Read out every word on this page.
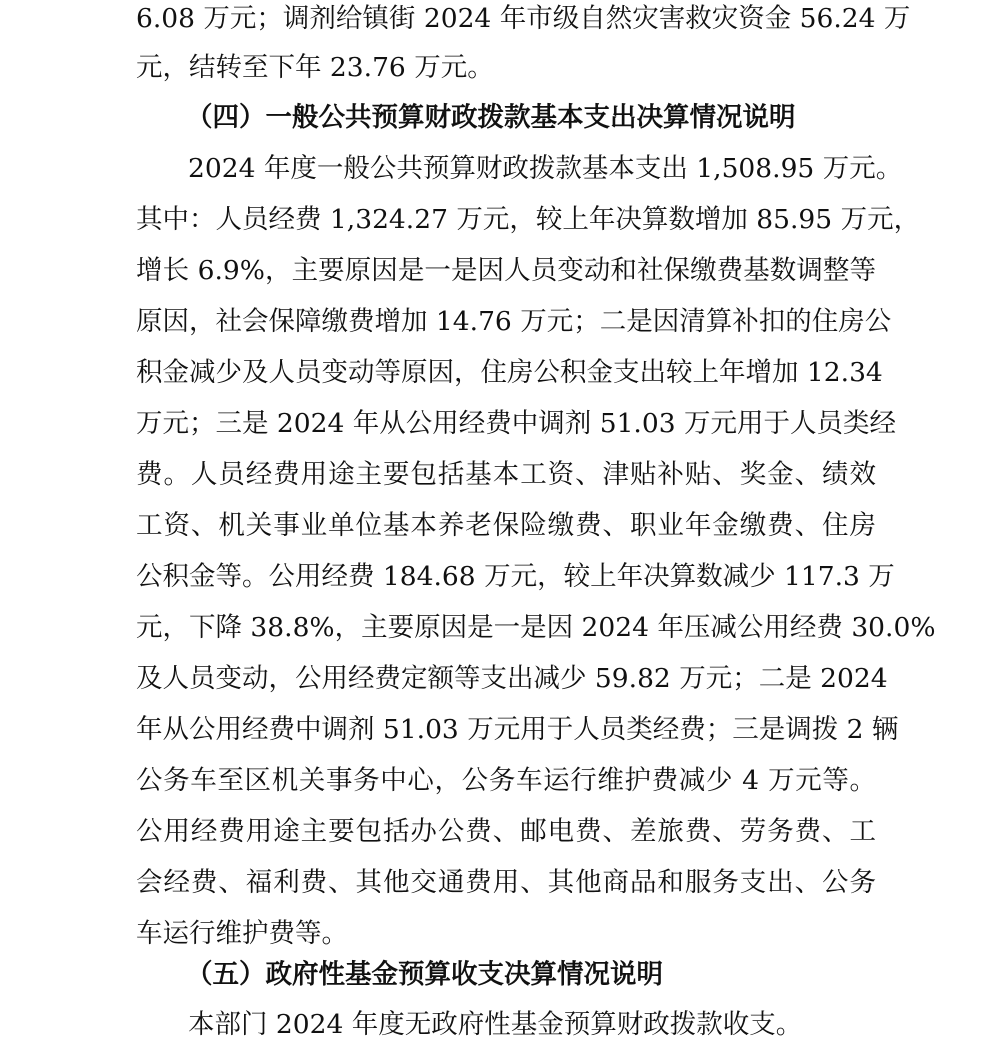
6.08 万元；调剂给镇街 2024 年市级自然灾害救灾资金 56.24 万
元，结转至下年 23.76 万元。
（四）一般公共预算财政拨款基本支出决算情况说明
2024 年度一般公共预算财政拨款基本支出 1,508.95 万元。
其中：人员经费 1,324.27 万元，较上年决算数增加 85.95 万元，
增长 6.9%，主要原因是一是因人员变动和社保缴费基数调整等
原因，社会保障缴费增加 14.76 万元；二是因清算补扣的住房公
积金减少及人员变动等原因，住房公积金支出较上年增加 12.34
万元；三是 2024 年从公用经费中调剂 51.03 万元用于人员类经
费。人员经费用途主要包括基本工资、津贴补贴、奖金、绩效
工资、机关事业单位基本养老保险缴费、职业年金缴费、住房
公积金等。公用经费 184.68 万元，较上年决算数减少 117.3 万
元，下降 38.8%，主要原因是一是因 2024 年压减公用经费 30.0%
及人员变动，公用经费定额等支出减少 59.82 万元；二是 2024
年从公用经费中调剂 51.03 万元用于人员类经费；三是调拨 2 辆
公务车至区机关事务中心，公务车运行维护费减少 4 万元等。
公用经费用途主要包括办公费、邮电费、差旅费、劳务费、工
会经费、福利费、其他交通费用、其他商品和服务支出、公务
车运行维护费等。
（五）政府性基金预算收支决算情况说明
本部门 2024 年度无政府性基金预算财政拨款收支。
